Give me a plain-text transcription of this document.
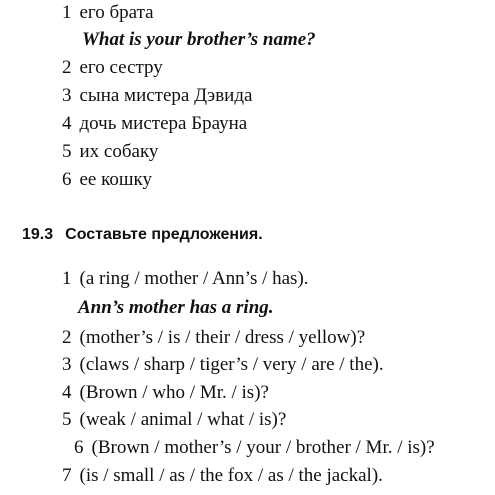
1 его брата
What is your brother’s name?
2 его сестру
3 сына мистера Дэвида
4 дочь мистера Брауна
5 их собаку
6 ее кошку
19.3 Составьте предложения.
1 (a ring / mother / Ann’s / has).
Ann’s mother has a ring.
2 (mother’s / is / their / dress / yellow)?
3 (claws / sharp / tiger’s / very / are / the).
4 (Brown / who / Mr. / is)?
5 (weak / animal / what / is)?
6 (Brown / mother’s / your / brother / Mr. / is)?
7 (is / small / as / the fox / as / the jackal).
